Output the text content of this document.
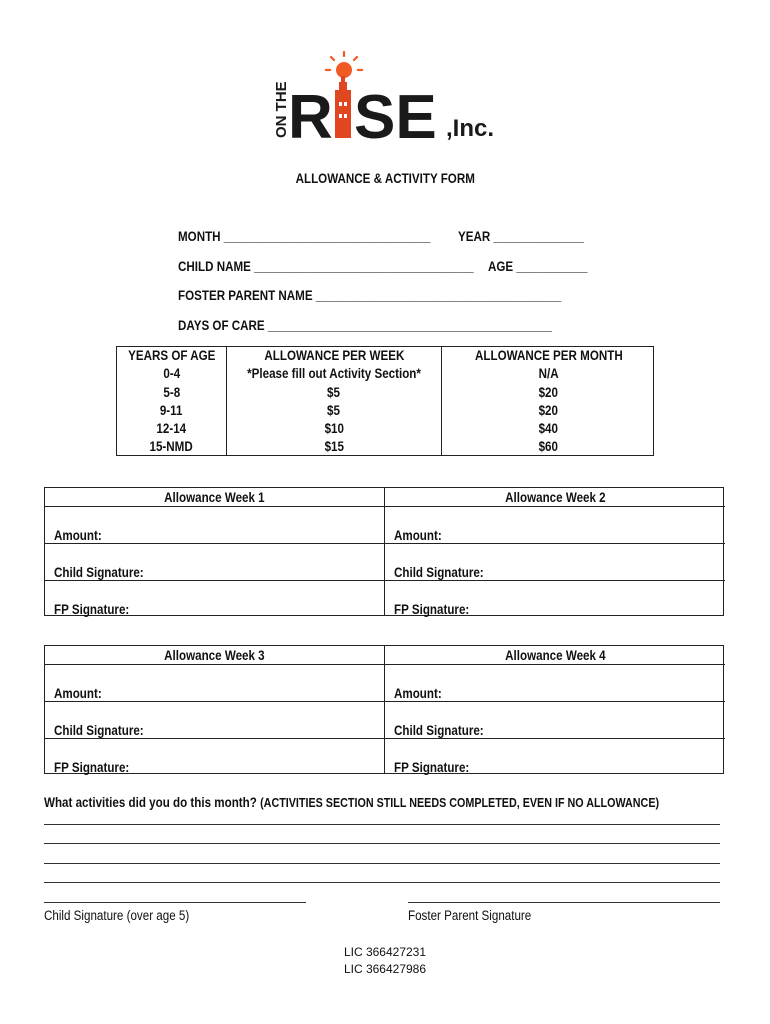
ON THE
R SE ,Inc.
ALLOWANCE & ACTIVITY FORM
MONTH ________________________________ YEAR ______________
CHILD NAME __________________________________ AGE ___________
FOSTER PARENT NAME ______________________________________
DAYS OF CARE ____________________________________________
YEARS OF AGE
0-4
5-8
9-11
12-14
15-NMD
ALLOWANCE PER WEEK
*Please fill out Activity Section*
$5
$5
$10
$15
ALLOWANCE PER MONTH
N/A
$20
$20
$40
$60
Allowance Week 1
Amount:
Child Signature:
FP Signature:
Allowance Week 2
Amount:
Child Signature:
FP Signature:
Allowance Week 3
Amount:
Child Signature:
FP Signature:
Allowance Week 4
Amount:
Child Signature:
FP Signature:
What activities did you do this month? (ACTIVITIES SECTION STILL NEEDS COMPLETED, EVEN IF NO ALLOWANCE)
Child Signature (over age 5)	Foster Parent Signature
LIC 366427231
LIC 366427986
